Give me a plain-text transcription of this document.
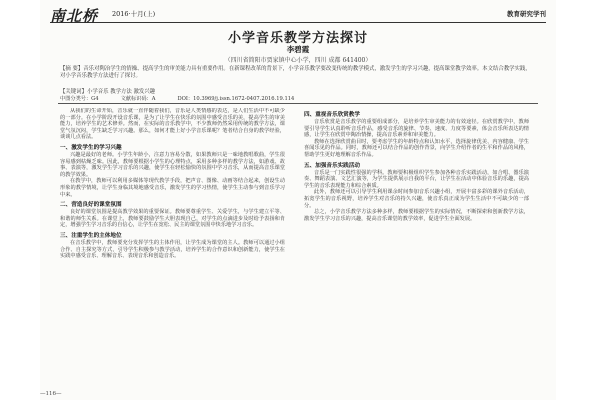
南北桥 2016·十月(上)	教育研究学刊
小学音乐教学方法探讨
李碧霞
（四川省简阳市贾家镇中心小学，四川 成都 641400）
【摘 要】音乐对陶冶学生的情操、提高学生的审美能力具有重要作用。在新课程改革的背景下，小学音乐教学要改变传统的教学模式，激发学生的学习兴趣，提高课堂教学效率。本文结合教学实践，对小学音乐教学方法进行了探讨。
【关键词】小学音乐 教学方法 激发兴趣
中图分类号：G4	文献标识码：A	DOI：10.3969/j.issn.1672-0407.2016.19.114

从我们的生命开始，音乐就一直伴随着我们，音乐是人类情感的表达，是人们生活中不可缺少的一部分。在小学阶段开设音乐课，是为了让学生在快乐的氛围中感受音乐的美，提高学生的审美能力，培养学生的艺术修养。然而，在实际的音乐教学中，不少教师仍然采用传统的教学方法，课堂气氛沉闷，学生缺乏学习兴趣。那么，如何才能上好小学音乐课呢？笔者结合自身的教学经验，谈谈几点看法。

一、激发学生的学习兴趣

兴趣是最好的老师。小学生年龄小，注意力容易分散，如果教师只是一味地教唱歌曲，学生很容易感到枯燥乏味。因此，教师要根据小学生的心理特点，采用多种多样的教学方法，如游戏、故事、表演等，激发学生学习音乐的兴趣，使学生在轻松愉快的氛围中学习音乐，从而提高音乐课堂的教学效果。

在教学中，教师可以利用多媒体等现代教学手段，把声音、图像、动画等结合起来，创设生动形象的教学情境，让学生身临其境地感受音乐，激发学生的学习热情，使学生主动参与到音乐学习中来。

二、营造良好的课堂氛围

良好的课堂氛围是提高教学效果的重要保证。教师要尊重学生、关爱学生，与学生建立平等、和谐的师生关系。在课堂上，教师要鼓励学生大胆表现自己，对学生的点滴进步及时给予表扬和肯定，增强学生学习音乐的自信心，让学生在宽松、民主的课堂氛围中快乐地学习音乐。

三、注重学生的主体地位

在音乐教学中，教师要充分发挥学生的主体作用，让学生成为课堂的主人。教师可以通过小组合作、自主探究等方式，引导学生积极参与教学活动，培养学生的合作意识和创新能力，使学生在实践中感受音乐、理解音乐、表现音乐和创造音乐。

四、重视音乐欣赏教学

音乐欣赏是音乐教学的重要组成部分，是培养学生审美能力的有效途径。在欣赏教学中，教师要引导学生认真聆听音乐作品，感受音乐的旋律、节奏、速度、力度等要素，体会音乐所表达的情感，让学生在欣赏中陶冶情操，提高音乐素养和审美能力。

教师在选择欣赏曲目时，要考虑学生的年龄特点和认知水平，选择旋律优美、内容健康、学生喜闻乐见的作品。同时，教师还可以结合作品的创作背景，向学生介绍作者的生平和作品的风格，帮助学生更好地理解音乐作品。

五、加强音乐实践活动

音乐是一门实践性很强的学科。教师要积极组织学生参加各种音乐实践活动，如合唱、器乐演奏、舞蹈表演、文艺汇演等，为学生提供展示自我的平台，让学生在活动中体验音乐的乐趣，提高学生的音乐表现能力和综合素质。

此外，教师还可以引导学生利用课余时间参加音乐兴趣小组，开展丰富多彩的课外音乐活动，拓宽学生的音乐视野，培养学生对音乐的持久兴趣，使音乐真正成为学生生活中不可缺少的一部分。

总之，小学音乐教学方法多种多样，教师要根据学生的实际情况，不断探索和创新教学方法，激发学生学习音乐的兴趣，提高音乐课堂的教学效率，促进学生全面发展。

—116—
